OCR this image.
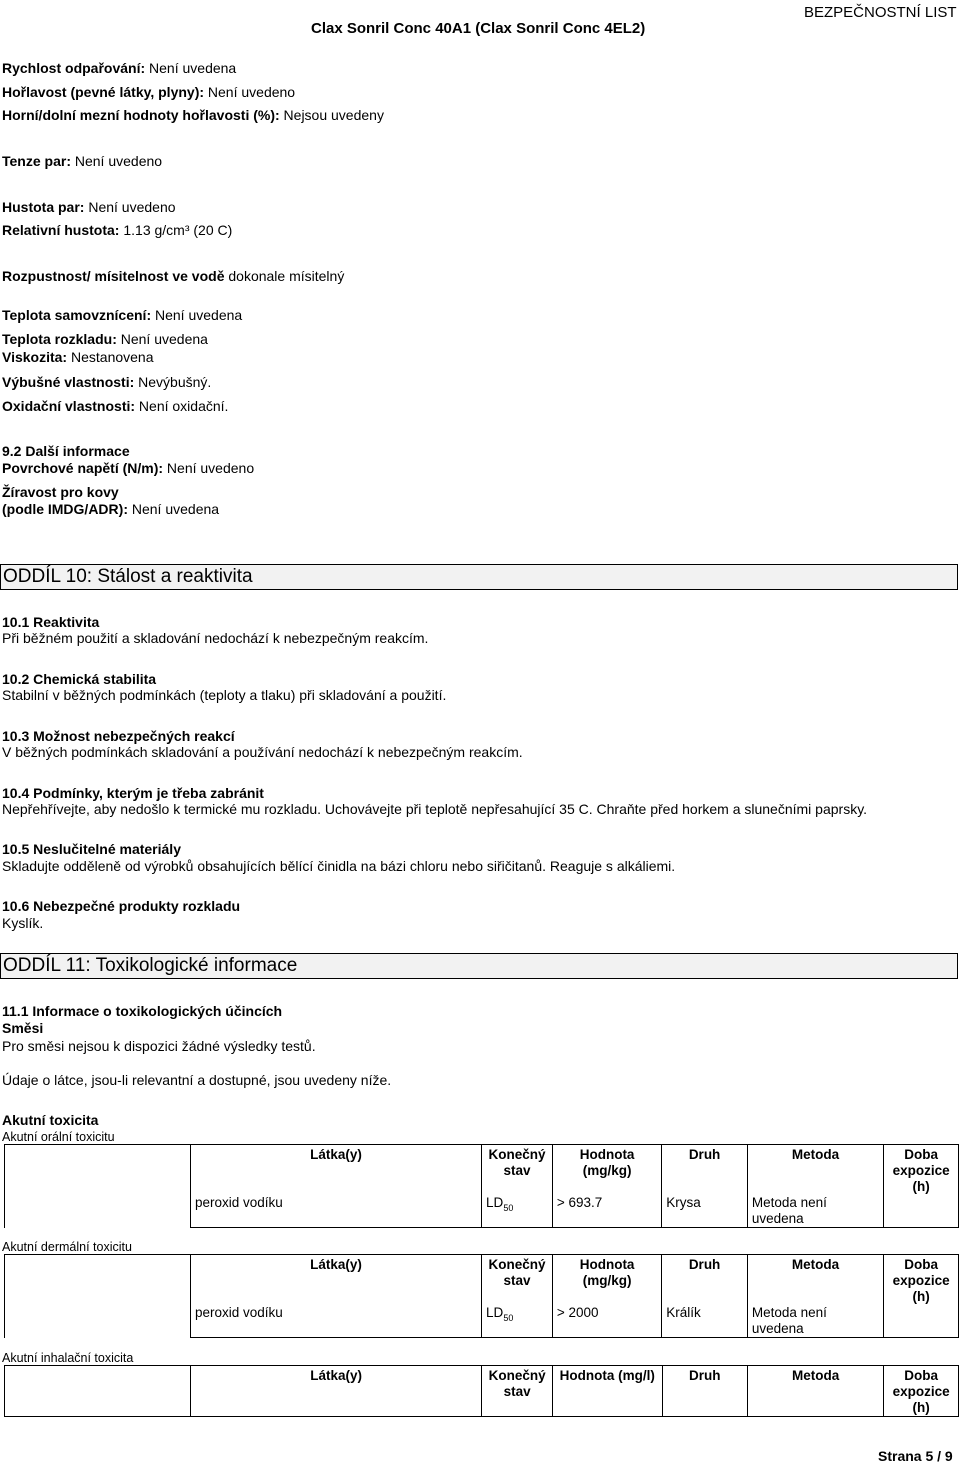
Clax Sonril Conc 40A1 (Clax Sonril Conc 4EL2)
BEZPEČNOSTNÍ LIST
Rychlost odpařování: Není uvedena
Hořlavost (pevné látky, plyny): Není uvedeno
Horní/dolní mezní hodnoty hořlavosti (%): Nejsou uvedeny
Tenze par: Není uvedeno
Hustota par: Není uvedeno
Relativní hustota: 1.13 g/cm³ (20 C)
Rozpustnost/ mísitelnost ve vodě dokonale mísitelný
Teplota samovznícení: Není uvedena
Teplota rozkladu: Není uvedena
Viskozita: Nestanovena
Výbušné vlastnosti: Nevýbušný.
Oxidační vlastnosti: Není oxidační.
9.2 Další informace
Povrchové napětí (N/m): Není uvedeno
Žíravost pro kovy
(podle IMDG/ADR): Není uvedena
ODDÍL 10: Stálost a reaktivita
10.1 Reaktivita
Při běžném použití a skladování nedochází k nebezpečným reakcím.
10.2 Chemická stabilita
Stabilní v běžných podmínkách (teploty a tlaku) při skladování a použití.
10.3 Možnost nebezpečných reakcí
V běžných podmínkách skladování a používání nedochází k nebezpečným reakcím.
10.4 Podmínky, kterým je třeba zabránit
Nepřehřívejte, aby nedošlo k termické mu rozkladu. Uchovávejte při teplotě nepřesahující 35 C. Chraňte před horkem a slunečními paprsky.
10.5 Neslučitelné materiály
Skladujte odděleně od výrobků obsahujících bělící činidla na bázi chloru nebo siřičitanů. Reaguje s alkáliemi.
10.6 Nebezpečné produkty rozkladu
Kyslík.
ODDÍL 11: Toxikologické informace
11.1 Informace o toxikologických účincích
Směsi
Pro směsi nejsou k dispozici žádné výsledky testů.
Údaje o látce, jsou-li relevantní a dostupné, jsou uvedeny níže.
Akutní toxicita
Akutní orální toxicitu
	Látka(y)	Konečný stav	Hodnota (mg/kg)	Druh	Metoda	Doba expozice (h)
	peroxid vodíku	$LD_{50}$	> 693.7	Krysa	Metoda není uvedena	
Akutní dermální toxicitu
	Látka(y)	Konečný stav	Hodnota (mg/kg)	Druh	Metoda	Doba expozice (h)
	peroxid vodíku	$LD_{50}$	> 2000	Králík	Metoda není uvedena	
Akutní inhalační toxicita
	Látka(y)	Konečný stav	Hodnota (mg/l)	Druh	Metoda	Doba expozice (h)
Strana 5 / 9
